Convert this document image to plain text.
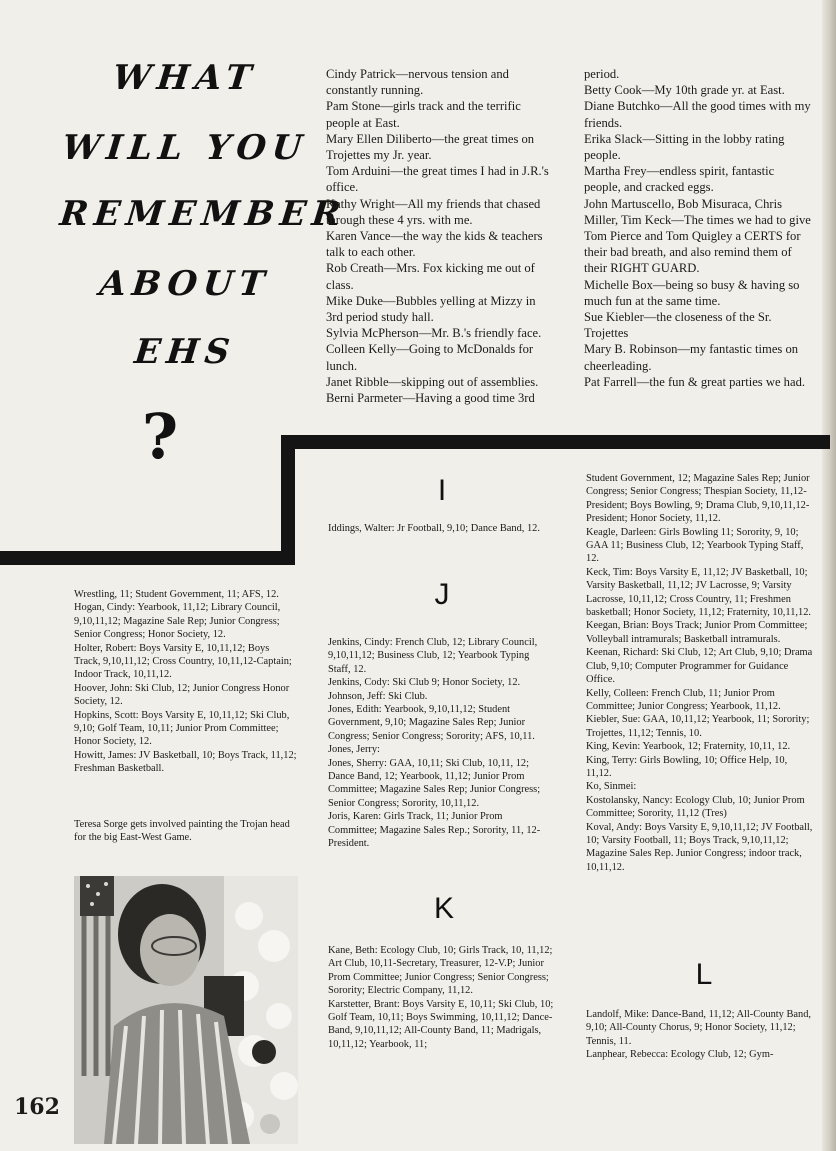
WHAT
WILL YOU
REMEMBER
ABOUT
EHS
?

Cindy Patrick—nervous tension and constantly running.

Pam Stone—girls track and the terrific people at East.

Mary Ellen Diliberto—the great times on Trojettes my Jr. year.

Tom Arduini—the great times I had in J.R.'s office.

Kathy Wright—All my friends that chased through these 4 yrs. with me.

Karen Vance—the way the kids & teachers talk to each other.

Rob Creath—Mrs. Fox kicking me out of class.

Mike Duke—Bubbles yelling at Mizzy in 3rd period study hall.

Sylvia McPherson—Mr. B.'s friendly face.

Colleen Kelly—Going to McDonalds for lunch.

Janet Ribble—skipping out of assemblies.

Berni Parmeter—Having a good time 3rd

period.

Betty Cook—My 10th grade yr. at East.

Diane Butchko—All the good times with my friends.

Erika Slack—Sitting in the lobby rating people.

Martha Frey—endless spirit, fantastic people, and cracked eggs.

John Martuscello, Bob Misuraca, Chris Miller, Tim Keck—The times we had to give Tom Pierce and Tom Quigley a CERTS for their bad breath, and also remind them of their RIGHT GUARD.

Michelle Box—being so busy & having so much fun at the same time.

Sue Kiebler—the closeness of the Sr. Trojettes

Mary B. Robinson—my fantastic times on cheerleading.

Pat Farrell—the fun & great parties we had.

Wrestling, 11; Student Government, 11; AFS, 12.

Hogan, Cindy: Yearbook, 11,12; Library Council, 9,10,11,12; Magazine Sale Rep; Junior Congress; Senior Congress; Honor Society, 12.

Holter, Robert: Boys Varsity E, 10,11,12; Boys Track, 9,10,11,12; Cross Country, 10,11,12-Captain; Indoor Track, 10,11,12.

Hoover, John: Ski Club, 12; Junior Congress Honor Society, 12.

Hopkins, Scott: Boys Varsity E, 10,11,12; Ski Club, 9,10; Golf Team, 10,11; Junior Prom Committee; Honor Society, 12.

Howitt, James: JV Basketball, 10; Boys Track, 11,12; Freshman Basketball.

Teresa Sorge gets involved painting the Trojan head for the big East-West Game.
I

Iddings, Walter: Jr Football, 9,10; Dance Band, 12.

J

Jenkins, Cindy: French Club, 12; Library Council, 9,10,11,12; Business Club, 12; Yearbook Typing Staff, 12.

Jenkins, Cody: Ski Club 9; Honor Society, 12.

Johnson, Jeff: Ski Club.

Jones, Edith: Yearbook, 9,10,11,12; Student Government, 9,10; Magazine Sales Rep; Junior Congress; Senior Congress; Sorority; AFS, 10,11.

Jones, Jerry:

Jones, Sherry: GAA, 10,11; Ski Club, 10,11, 12; Dance Band, 12; Yearbook, 11,12; Junior Prom Committee; Magazine Sales Rep; Junior Congress; Senior Congress; Sorority, 10,11,12.

Joris, Karen: Girls Track, 11; Junior Prom Committee; Magazine Sales Rep.; Sorority, 11, 12-President.

K

Kane, Beth: Ecology Club, 10; Girls Track, 10, 11,12; Art Club, 10,11-Secretary, Treasurer, 12-V.P; Junior Prom Committee; Junior Congress; Senior Congress; Sorority; Electric Company, 11,12.

Karstetter, Brant: Boys Varsity E, 10,11; Ski Club, 10; Golf Team, 10,11; Boys Swimming, 10,11,12; Dance-Band, 9,10,11,12; All-County Band, 11; Madrigals, 10,11,12; Yearbook, 11;

Student Government, 12; Magazine Sales Rep; Junior Congress; Senior Congress; Thespian Society, 11,12-President; Boys Bowling, 9; Drama Club, 9,10,11,12-President; Honor Society, 11,12.

Keagle, Darleen: Girls Bowling 11; Sorority, 9, 10; GAA 11; Business Club, 12; Yearbook Typing Staff, 12.

Keck, Tim: Boys Varsity E, 11,12; JV Basketball, 10; Varsity Basketball, 11,12; JV Lacrosse, 9; Varsity Lacrosse, 10,11,12; Cross Country, 11; Freshmen basketball; Honor Society, 11,12; Fraternity, 10,11,12.

Keegan, Brian: Boys Track; Junior Prom Committee; Volleyball intramurals; Basketball intramurals.

Keenan, Richard: Ski Club, 12; Art Club, 9,10; Drama Club, 9,10; Computer Programmer for Guidance Office.

Kelly, Colleen: French Club, 11; Junior Prom Committee; Junior Congress; Yearbook, 11,12.

Kiebler, Sue: GAA, 10,11,12; Yearbook, 11; Sorority; Trojettes, 11,12; Tennis, 10.

King, Kevin: Yearbook, 12; Fraternity, 10,11, 12.

King, Terry: Girls Bowling, 10; Office Help, 10, 11,12.

Ko, Sinmei:

Kostolansky, Nancy: Ecology Club, 10; Junior Prom Committee; Sorority, 11,12 (Tres)

Koval, Andy: Boys Varsity E, 9,10,11,12; JV Football, 10; Varsity Football, 11; Boys Track, 9,10,11,12; Magazine Sales Rep. Junior Congress; indoor track, 10,11,12.

L

Landolf, Mike: Dance-Band, 11,12; All-County Band, 9,10; All-County Chorus, 9; Honor Society, 11,12; Tennis, 11.

Lanphear, Rebecca: Ecology Club, 12; Gym-

162
